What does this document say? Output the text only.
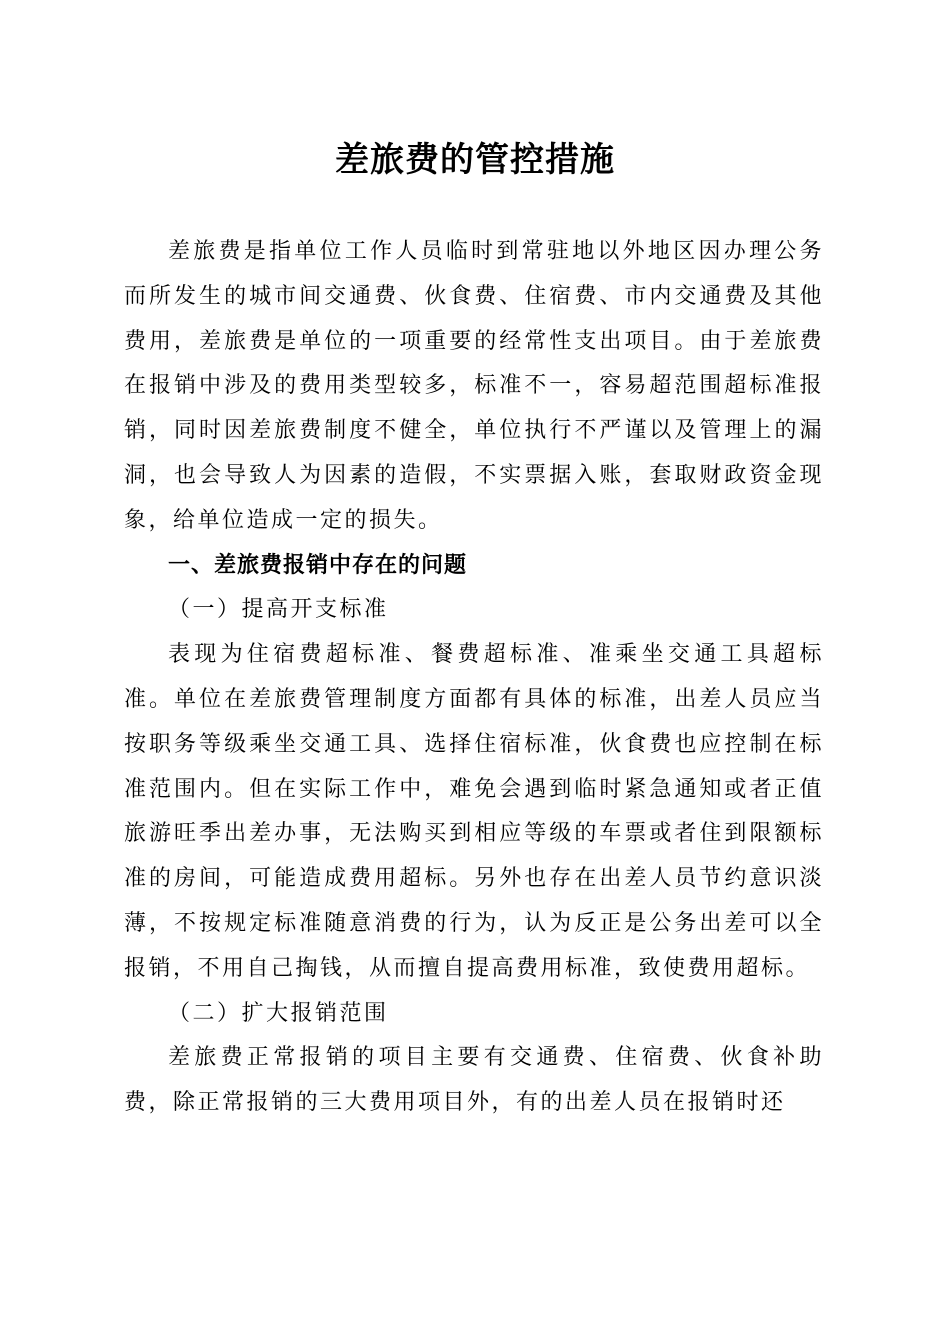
差旅费的管控措施

差旅费是指单位工作人员临时到常驻地以外地区因办理公务而所发生的城市间交通费、伙食费、住宿费、市内交通费及其他费用，差旅费是单位的一项重要的经常性支出项目。由于差旅费在报销中涉及的费用类型较多，标准不一，容易超范围超标准报销，同时因差旅费制度不健全，单位执行不严谨以及管理上的漏洞，也会导致人为因素的造假，不实票据入账，套取财政资金现象，给单位造成一定的损失。

一、差旅费报销中存在的问题

（一）提高开支标准

表现为住宿费超标准、餐费超标准、准乘坐交通工具超标准。单位在差旅费管理制度方面都有具体的标准，出差人员应当按职务等级乘坐交通工具、选择住宿标准，伙食费也应控制在标准范围内。但在实际工作中，难免会遇到临时紧急通知或者正值旅游旺季出差办事，无法购买到相应等级的车票或者住到限额标准的房间，可能造成费用超标。另外也存在出差人员节约意识淡薄，不按规定标准随意消费的行为，认为反正是公务出差可以全报销，不用自己掏钱，从而擅自提高费用标准，致使费用超标。

（二）扩大报销范围

差旅费正常报销的项目主要有交通费、住宿费、伙食补助费，除正常报销的三大费用项目外，有的出差人员在报销时还
